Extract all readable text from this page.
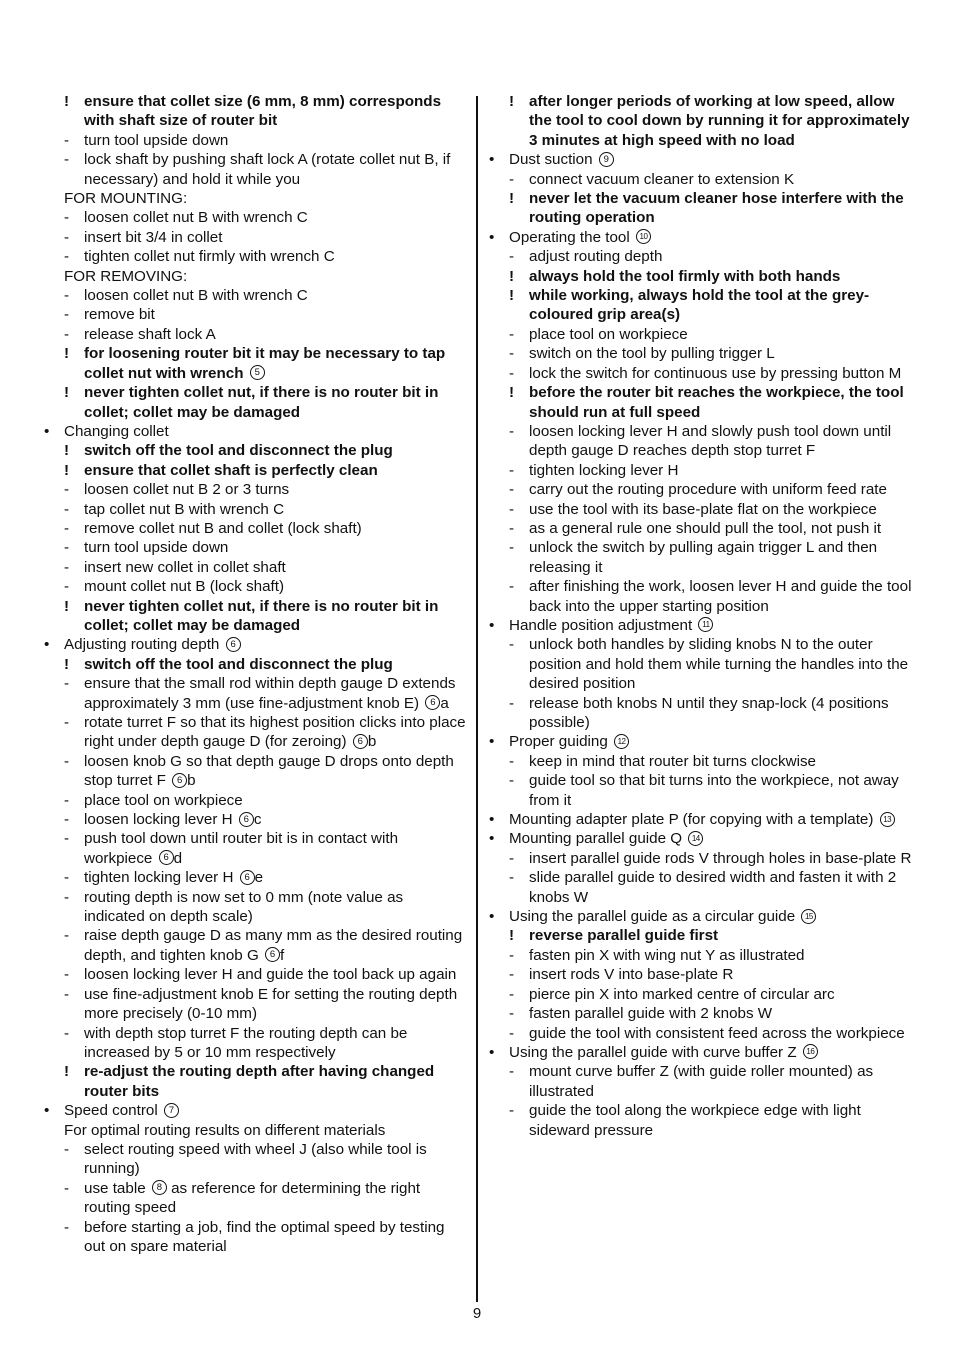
! ensure that collet size (6 mm, 8 mm) corresponds with shaft size of router bit
- turn tool upside down
- lock shaft by pushing shaft lock A (rotate collet nut B, if necessary) and hold it while you
FOR MOUNTING:
- loosen collet nut B with wrench C
- insert bit 3/4 in collet
- tighten collet nut firmly with wrench C
FOR REMOVING:
- loosen collet nut B with wrench C
- remove bit
- release shaft lock A
! for loosening router bit it may be necessary to tap collet nut with wrench 5
! never tighten collet nut, if there is no router bit in collet; collet may be damaged
• Changing collet
! switch off the tool and disconnect the plug
! ensure that collet shaft is perfectly clean
- loosen collet nut B 2 or 3 turns
- tap collet nut B with wrench C
- remove collet nut B and collet (lock shaft)
- turn tool upside down
- insert new collet in collet shaft
- mount collet nut B (lock shaft)
! never tighten collet nut, if there is no router bit in collet; collet may be damaged
• Adjusting routing depth 6
! switch off the tool and disconnect the plug
- ensure that the small rod within depth gauge D extends approximately 3 mm (use fine-adjustment knob E) 6 a
- rotate turret F so that its highest position clicks into place right under depth gauge D (for zeroing) 6 b
- loosen knob G so that depth gauge D drops onto depth stop turret F 6 b
- place tool on workpiece
- loosen locking lever H 6 c
- push tool down until router bit is in contact with workpiece 6 d
- tighten locking lever H 6 e
- routing depth is now set to 0 mm (note value as indicated on depth scale)
- raise depth gauge D as many mm as the desired routing depth, and tighten knob G 6 f
- loosen locking lever H and guide the tool back up again
- use fine-adjustment knob E for setting the routing depth more precisely (0-10 mm)
- with depth stop turret F the routing depth can be increased by 5 or 10 mm respectively
! re-adjust the routing depth after having changed router bits
• Speed control 7
For optimal routing results on different materials
- select routing speed with wheel J (also while tool is running)
- use table 8 as reference for determining the right routing speed
- before starting a job, find the optimal speed by testing out on spare material
! after longer periods of working at low speed, allow the tool to cool down by running it for approximately 3 minutes at high speed with no load
• Dust suction 9
- connect vacuum cleaner to extension K
! never let the vacuum cleaner hose interfere with the routing operation
• Operating the tool 10
- adjust routing depth
! always hold the tool firmly with both hands
! while working, always hold the tool at the grey-coloured grip area(s)
- place tool on workpiece
- switch on the tool by pulling trigger L
- lock the switch for continuous use by pressing button M
! before the router bit reaches the workpiece, the tool should run at full speed
- loosen locking lever H and slowly push tool down until depth gauge D reaches depth stop turret F
- tighten locking lever H
- carry out the routing procedure with uniform feed rate
- use the tool with its base-plate flat on the workpiece
- as a general rule one should pull the tool, not push it
- unlock the switch by pulling again trigger L and then releasing it
- after finishing the work, loosen lever H and guide the tool back into the upper starting position
• Handle position adjustment 11
- unlock both handles by sliding knobs N to the outer position and hold them while turning the handles into the desired position
- release both knobs N until they snap-lock (4 positions possible)
• Proper guiding 12
- keep in mind that router bit turns clockwise
- guide tool so that bit turns into the workpiece, not away from it
• Mounting adapter plate P (for copying with a template) 13
• Mounting parallel guide Q 14
- insert parallel guide rods V through holes in base-plate R
- slide parallel guide to desired width and fasten it with 2 knobs W
• Using the parallel guide as a circular guide 15
! reverse parallel guide first
- fasten pin X with wing nut Y as illustrated
- insert rods V into base-plate R
- pierce pin X into marked centre of circular arc
- fasten parallel guide with 2 knobs W
- guide the tool with consistent feed across the workpiece
• Using the parallel guide with curve buffer Z 16
- mount curve buffer Z (with guide roller mounted) as illustrated
- guide the tool along the workpiece edge with light sideward pressure
9
